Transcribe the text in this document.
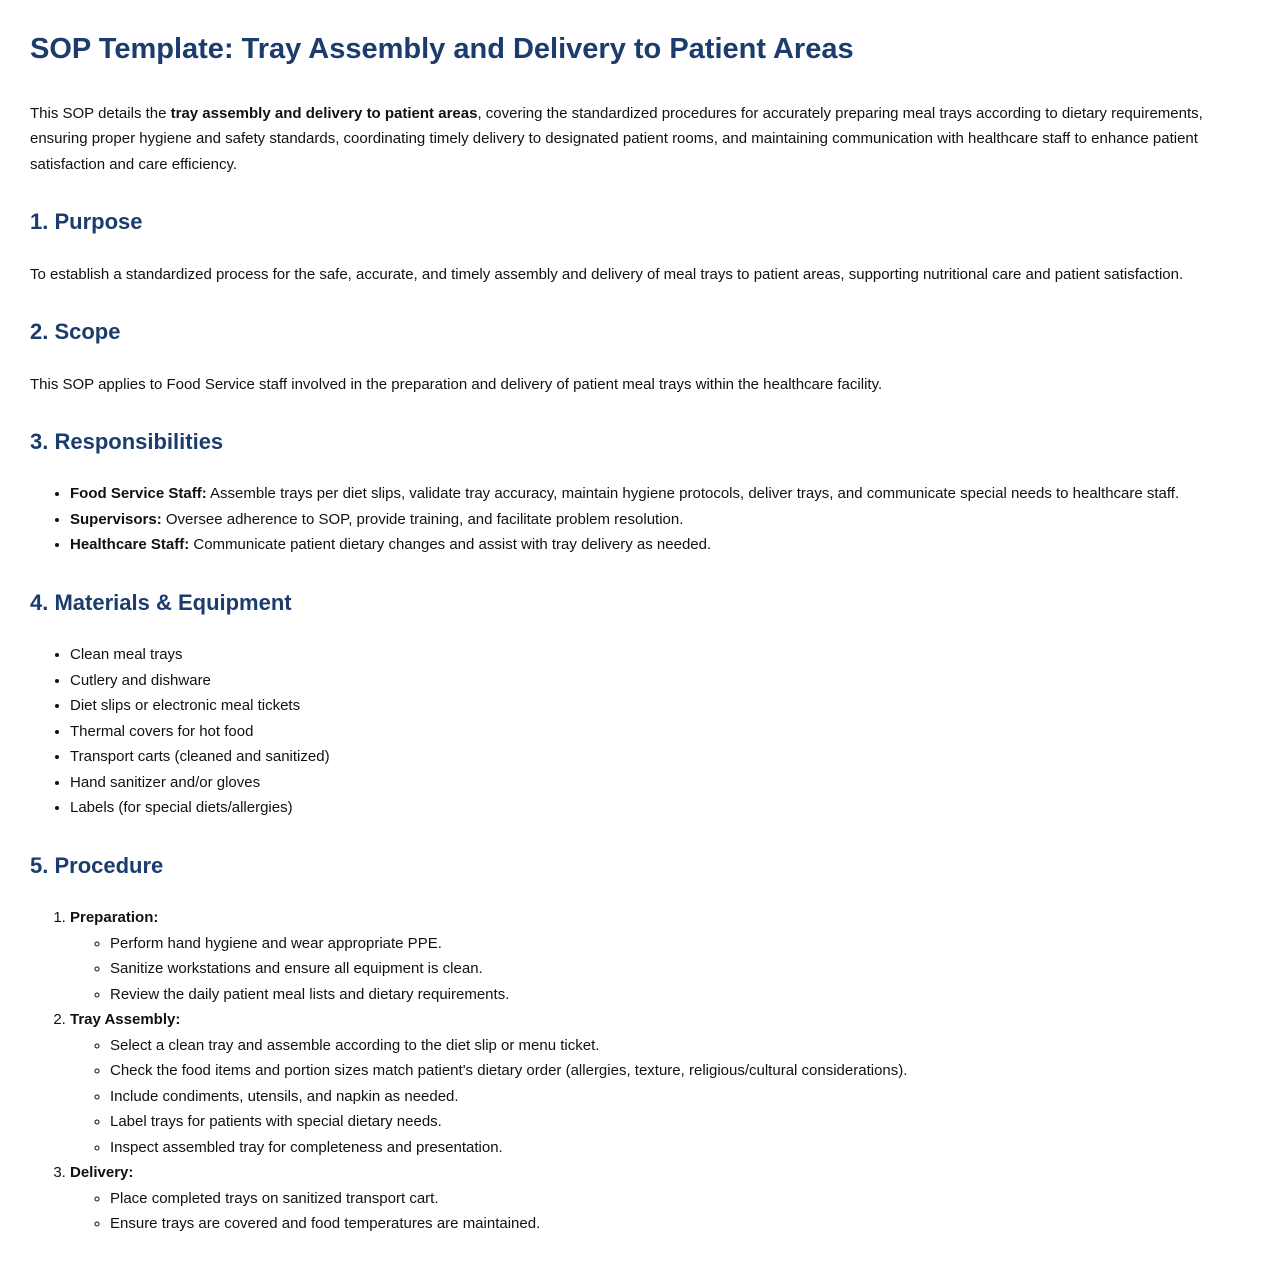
SOP Template: Tray Assembly and Delivery to Patient Areas

This SOP details the tray assembly and delivery to patient areas, covering the standardized procedures for accurately preparing meal trays according to dietary requirements, ensuring proper hygiene and safety standards, coordinating timely delivery to designated patient rooms, and maintaining communication with healthcare staff to enhance patient satisfaction and care efficiency.

1. Purpose

To establish a standardized process for the safe, accurate, and timely assembly and delivery of meal trays to patient areas, supporting nutritional care and patient satisfaction.

2. Scope

This SOP applies to Food Service staff involved in the preparation and delivery of patient meal trays within the healthcare facility.

3. Responsibilities
• Food Service Staff: Assemble trays per diet slips, validate tray accuracy, maintain hygiene protocols, deliver trays, and communicate special needs to healthcare staff.
• Supervisors: Oversee adherence to SOP, provide training, and facilitate problem resolution.
• Healthcare Staff: Communicate patient dietary changes and assist with tray delivery as needed.
4. Materials & Equipment
• Clean meal trays
• Cutlery and dishware
• Diet slips or electronic meal tickets
• Thermal covers for hot food
• Transport carts (cleaned and sanitized)
• Hand sanitizer and/or gloves
• Labels (for special diets/allergies)
5. Procedure
1. Preparation:
◦ Perform hand hygiene and wear appropriate PPE.
◦ Sanitize workstations and ensure all equipment is clean.
◦ Review the daily patient meal lists and dietary requirements.
2. Tray Assembly:
◦ Select a clean tray and assemble according to the diet slip or menu ticket.
◦ Check the food items and portion sizes match patient's dietary order (allergies, texture, religious/cultural considerations).
◦ Include condiments, utensils, and napkin as needed.
◦ Label trays for patients with special dietary needs.
◦ Inspect assembled tray for completeness and presentation.
3. Delivery:
◦ Place completed trays on sanitized transport cart.
◦ Ensure trays are covered and food temperatures are maintained.
